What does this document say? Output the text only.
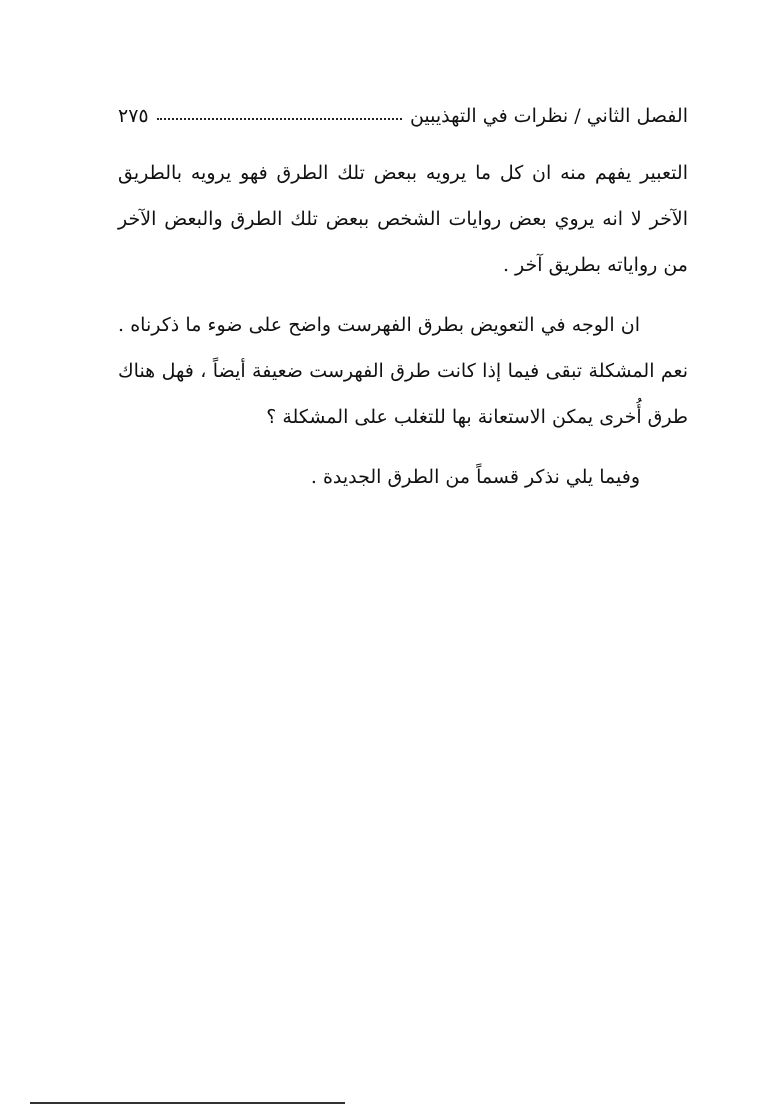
الفصل الثاني / نظرات في التهذيبين
٢٧٥

التعبير يفهم منه ان كل ما يرويه ببعض تلك الطرق فهو يرويه بالطريق الآخر لا انه يروي بعض روايات الشخص ببعض تلك الطرق والبعض الآخر من رواياته بطريق آخر .

ان الوجه في التعويض بطرق الفهرست واضح على ضوء ما ذكرناه . نعم المشكلة تبقى فيما إذا كانت طرق الفهرست ضعيفة أيضاً ، فهل هناك طرق أُخرى يمكن الاستعانة بها للتغلب على المشكلة ؟

وفيما يلي نذكر قسماً من الطرق الجديدة .
